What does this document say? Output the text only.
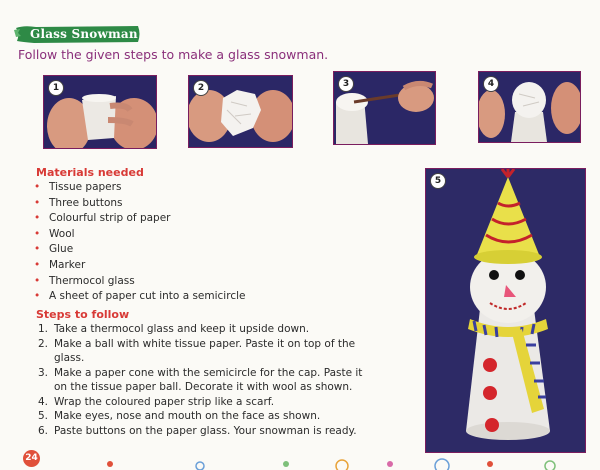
Glass Snowman
Follow the given steps to make a glass snowman.
1	2	3	4
5
Materials needed
• Tissue papers
• Three buttons
• Colourful strip of paper
• Wool
• Glue
• Marker
• Thermocol glass
• A sheet of paper cut into a semicircle
Steps to follow
1. Take a thermocol glass and keep it upside down.
2. Make a ball with white tissue paper. Paste it on top of the
glass.
3. Make a paper cone with the semicircle for the cap. Paste it
on the tissue paper ball. Decorate it with wool as shown.
4. Wrap the coloured paper strip like a scarf.
5. Make eyes, nose and mouth on the face as shown.
6. Paste buttons on the paper glass. Your snowman is ready.
24
